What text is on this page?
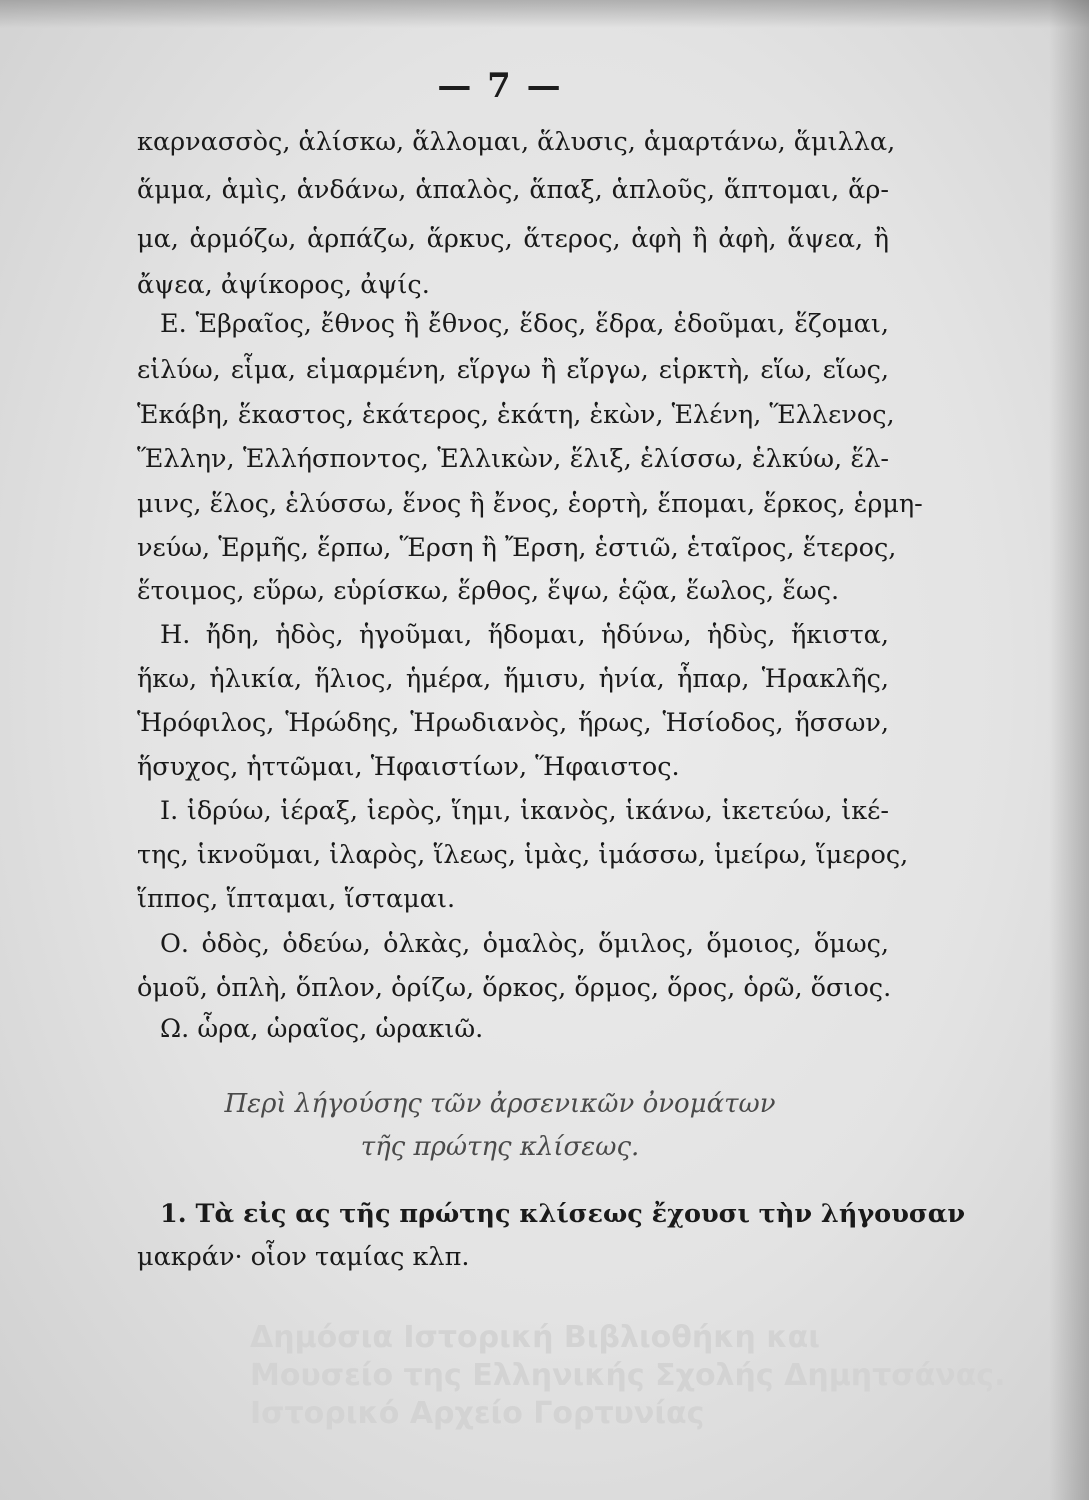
— 7 —
καρνασσὸς, ἁλίσκω, ἅλλομαι, ἅλυσις, ἁμαρτάνω, ἅμιλλα,
ἅμμα, ἁμὶς, ἁνδάνω, ἁπαλὸς, ἅπαξ, ἁπλοῦς, ἅπτομαι, ἅρ-
μα, ἁρμόζω, ἁρπάζω, ἅρκυς, ἅτερος, ἁφὴ ἢ ἀφὴ, ἅψεα, ἢ
ἄψεα, ἀψίκορος, ἀψίς.
Ε. Ἑβραῖος, ἔθνος ἢ ἔθνος, ἕδος, ἕδρα, ἑδοῦμαι, ἕζομαι,
εἱλύω, εἷμα, εἱμαρμένη, εἵργω ἢ εἴργω, εἱρκτὴ, εἵω, εἵως,
Ἑκάβη, ἕκαστος, ἑκάτερος, ἑκάτη, ἑκὼν, Ἑλένη, Ἕλλενος,
Ἕλλην, Ἑλλήσποντος, Ἑλλικὼν, ἕλιξ, ἑλίσσω, ἑλκύω, ἕλ-
μινς, ἕλος, ἑλύσσω, ἕνος ἢ ἔνος, ἑορτὴ, ἕπομαι, ἕρκος, ἑρμη-
νεύω, Ἑρμῆς, ἕρπω, Ἕρση ἢ Ἔρση, ἑστιῶ, ἑταῖρος, ἕτερος,
ἕτοιμος, εὕρω, εὑρίσκω, ἕρθος, ἕψω, ἑῷα, ἕωλος, ἕως.
Η. ἤδη, ἡδὸς, ἡγοῦμαι, ἥδομαι, ἡδύνω, ἡδὺς, ἥκιστα,
ἥκω, ἡλικία, ἥλιος, ἡμέρα, ἥμισυ, ἡνία, ἧπαρ, Ἡρακλῆς,
Ἡρόφιλος, Ἡρώδης, Ἡρωδιανὸς, ἥρως, Ἡσίοδος, ἥσσων,
ἥσυχος, ἡττῶμαι, Ἡφαιστίων, Ἥφαιστος.
Ι. ἱδρύω, ἱέραξ, ἱερὸς, ἵημι, ἱκανὸς, ἱκάνω, ἱκετεύω, ἱκέ-
της, ἱκνοῦμαι, ἱλαρὸς, ἵλεως, ἱμὰς, ἱμάσσω, ἱμείρω, ἵμερος,
ἵππος, ἵπταμαι, ἵσταμαι.
Ο. ὁδὸς, ὁδεύω, ὁλκὰς, ὁμαλὸς, ὅμιλος, ὅμοιος, ὅμως,
ὁμοῦ, ὁπλὴ, ὅπλον, ὁρίζω, ὅρκος, ὅρμος, ὅρος, ὁρῶ, ὅσιος.
Ω. ὧρα, ὡραῖος, ὡρακιῶ.
Περὶ λήγούσης τῶν ἀρσενικῶν ὀνομάτων
τῆς πρώτης κλίσεως.
1. Τὰ εἰς ας τῆς πρώτης κλίσεως ἔχουσι τὴν λήγουσαν
μακράν· οἷον ταμίας κλπ.
Δημόσια Ιστορική Βιβλιοθήκη και
Μουσείο της Ελληνικής Σχολής Δημητσάνας.
Ιστορικό Αρχείο Γορτυνίας
